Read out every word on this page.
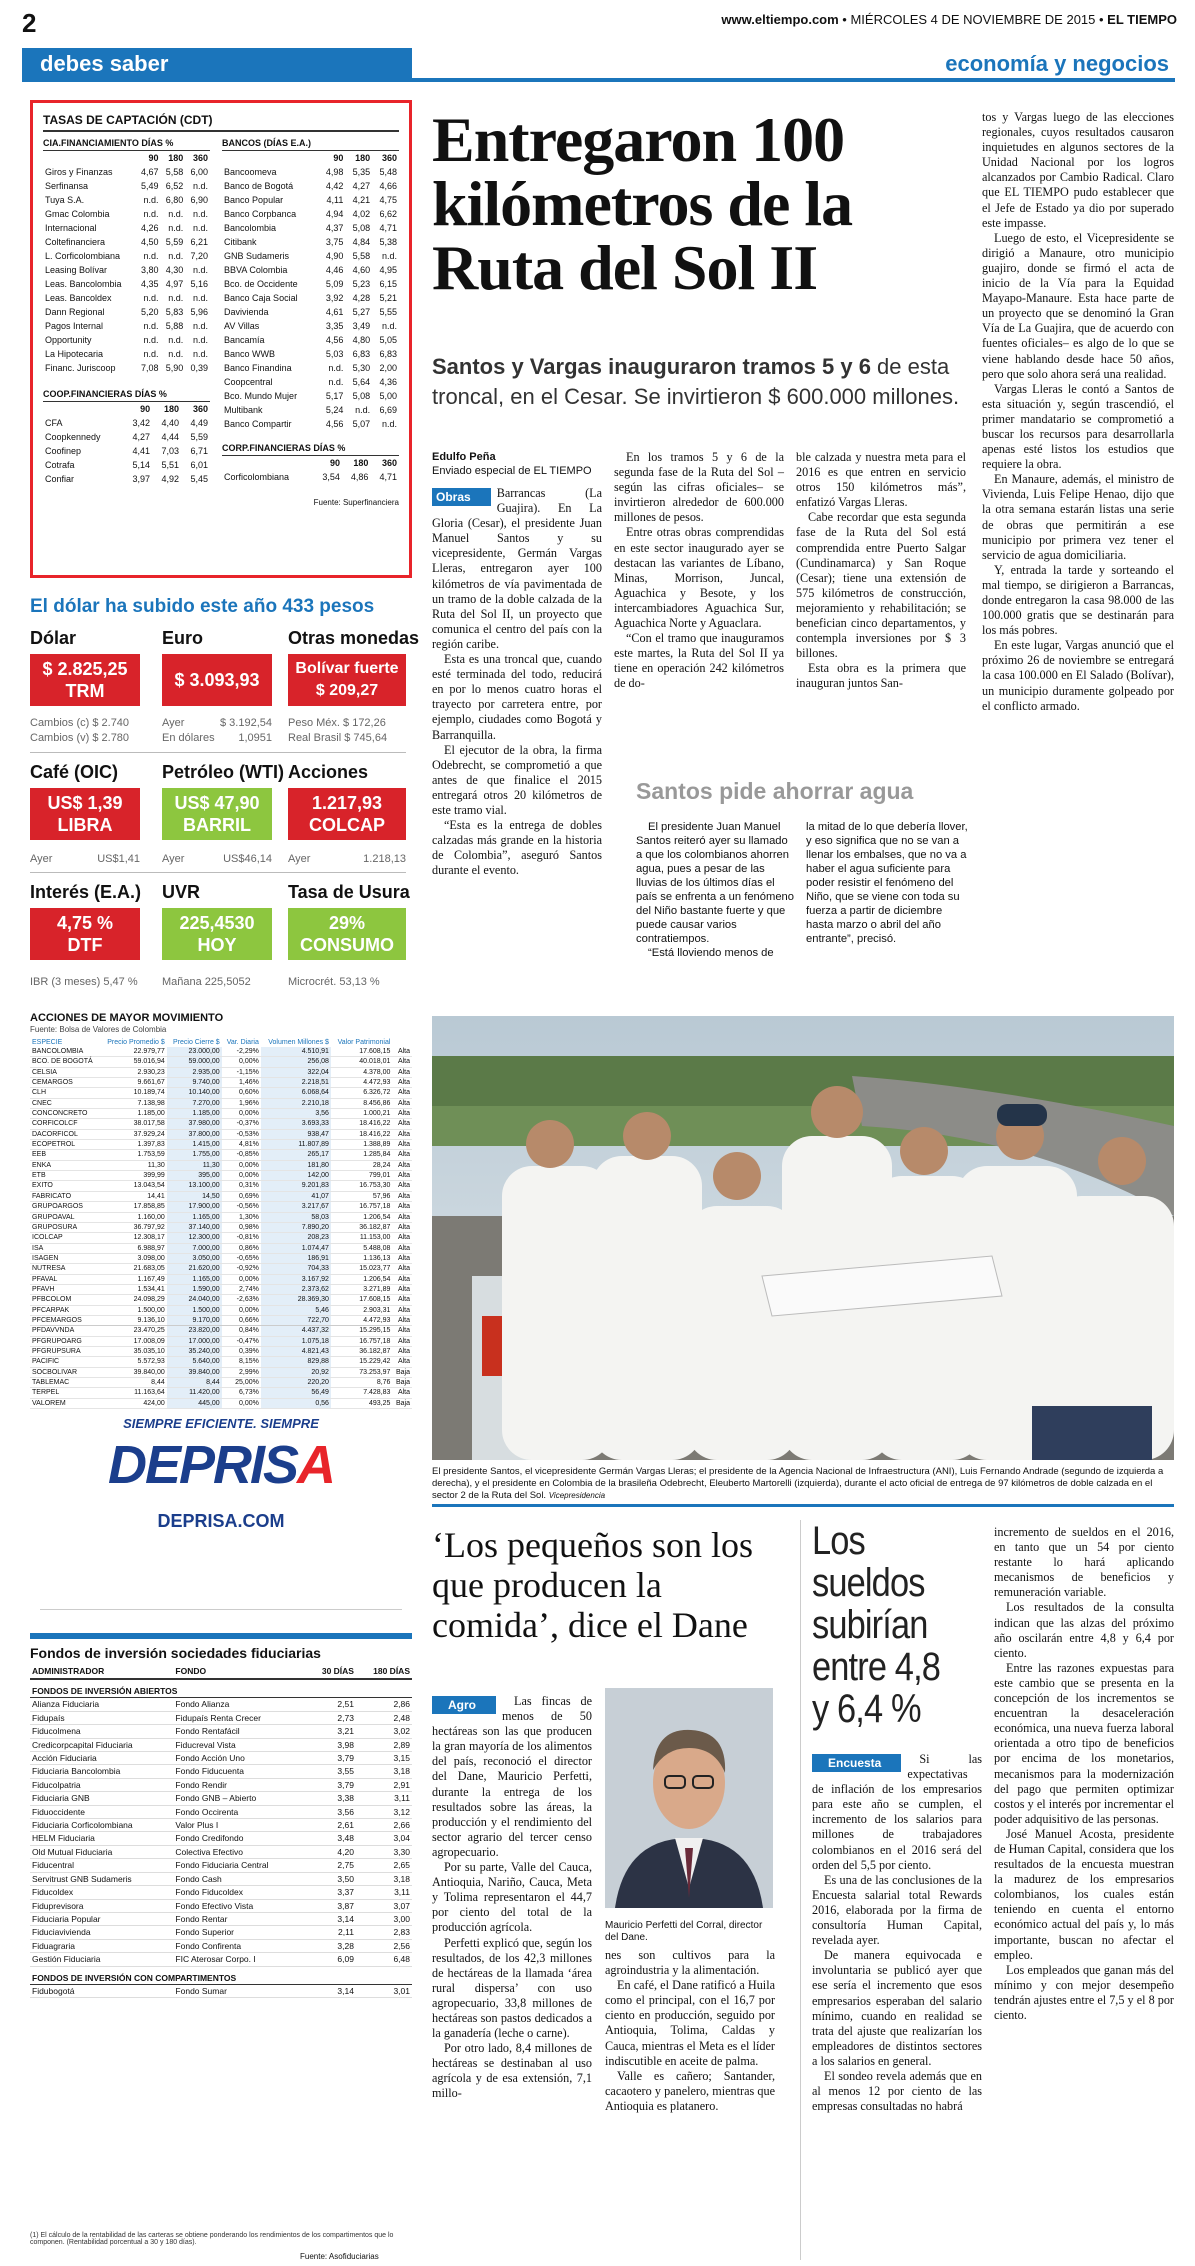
2	www.eltiempo.com • MIÉRCOLES 4 DE NOVIEMBRE DE 2015 • EL TIEMPO
debes saber	economía y negocios
TASAS DE CAPTACIÓN (CDT)
CIA.FINANCIAMIENTO DÍAS %
	90	180	360
Giros y Finanzas	4,67	5,58	6,00
Serfinansa	5,49	6,52	n.d.
Tuya S.A.	n.d.	6,80	6,90
Gmac Colombia	n.d.	n.d.	n.d.
Internacional	4,26	n.d.	n.d.
Coltefinanciera	4,50	5,59	6,21
L. Corficolombiana	n.d.	n.d.	7,20
Leasing Bolívar	3,80	4,30	n.d.
Leas. Bancolombia	4,35	4,97	5,16
Leas. Bancoldex	n.d.	n.d.	n.d.
Dann Regional	5,20	5,83	5,96
Pagos Internal	n.d.	5,88	n.d.
Opportunity	n.d.	n.d.	n.d.
La Hipotecaria	n.d.	n.d.	n.d.
Financ. Juriscoop	7,08	5,90	0,39
COOP.FINANCIERAS DÍAS %
	90	180	360
CFA	3,42	4,40	4,49
Coopkennedy	4,27	4,44	5,59
Coofinep	4,41	7,03	6,71
Cotrafa	5,14	5,51	6,01
Confiar	3,97	4,92	5,45
BANCOS (DÍAS E.A.)
	90	180	360
Bancoomeva	4,98	5,35	5,48
Banco de Bogotá	4,42	4,27	4,66
Banco Popular	4,11	4,21	4,75
Banco Corpbanca	4,94	4,02	6,62
Bancolombia	4,37	5,08	4,71
Citibank	3,75	4,84	5,38
GNB Sudameris	4,90	5,58	n.d.
BBVA Colombia	4,46	4,60	4,95
Bco. de Occidente	5,09	5,23	6,15
Banco Caja Social	3,92	4,28	5,21
Davivienda	4,61	5,27	5,55
AV Villas	3,35	3,49	n.d.
Bancamía	4,56	4,80	5,05
Banco WWB	5,03	6,83	6,83
Banco Finandina	n.d.	5,30	2,00
Coopcentral	n.d.	5,64	4,36
Bco. Mundo Mujer	5,17	5,08	5,00
Multibank	5,24	n.d.	6,69
Banco Compartir	4,56	5,07	n.d.
CORP.FINANCIERAS DÍAS %
	90	180	360
Corficolombiana	3,54	4,86	4,71
Fuente: Superfinanciera
El dólar ha subido este año 433 pesos
Dólar
$ 2.825,25
TRM
Cambios (c) $ 2.740
Cambios (v) $ 2.780
Euro
$ 3.093,93
Ayer	$ 3.192,54
En dólares 1,0951
Otras monedas
Bolívar fuerte
$ 209,27
Peso Méx. $ 172,26
Real Brasil $ 745,64
Café (OIC)
US$ 1,39
LIBRA
Ayer	US$1,41
Petróleo (WTI)
US$ 47,90
BARRIL
Ayer	US$46,14
Acciones
1.217,93
COLCAP
Ayer	1.218,13
Interés (E.A.)
4,75 %
DTF
IBR (3 meses) 5,47 %
UVR
225,4530
HOY
Mañana 225,5052
Tasa de Usura
29%
CONSUMO
Microcrét. 53,13 %
ACCIONES DE MAYOR MOVIMIENTO
Fuente: Bolsa de Valores de Colombia
ESPECIE	Precio Promedio $	Precio Cierre $	Var. Diaria	Volumen Millones $	Valor Patrimonial	
BANCOLOMBIA	22.979,77	23.000,00	-2,29%	4.510,91	17.608,15	Alta
BCO. DE BOGOTÁ	59.016,94	59.000,00	0,00%	256,08	40.018,01	Alta
CELSIA	2.930,23	2.935,00	-1,15%	322,04	4.378,00	Alta
CEMARGOS	9.661,67	9.740,00	1,46%	2.218,51	4.472,93	Alta
CLH	10.189,74	10.140,00	0,60%	6.068,64	6.326,72	Alta
CNEC	7.138,98	7.270,00	1,96%	2.210,18	8.456,86	Alta
CONCONCRETO	1.185,00	1.185,00	0,00%	3,56	1.000,21	Alta
CORFICOLCF	38.017,58	37.980,00	-0,37%	3.693,33	18.416,22	Alta
DACORFICOL	37.929,24	37.800,00	-0,53%	938,47	18.416,22	Alta
ECOPETROL	1.397,83	1.415,00	4,81%	11.807,89	1.388,89	Alta
EEB	1.753,59	1.755,00	-0,85%	265,17	1.285,84	Alta
ENKA	11,30	11,30	0,00%	181,80	28,24	Alta
ETB	399,99	395,00	0,00%	142,00	799,01	Alta
EXITO	13.043,54	13.100,00	0,31%	9.201,83	16.753,30	Alta
FABRICATO	14,41	14,50	0,69%	41,07	57,96	Alta
GRUPOARGOS	17.858,85	17.900,00	-0,56%	3.217,67	16.757,18	Alta
GRUPOAVAL	1.160,00	1.165,00	1,30%	58,03	1.206,54	Alta
GRUPOSURA	36.797,92	37.140,00	0,98%	7.890,20	36.182,87	Alta
ICOLCAP	12.308,17	12.300,00	-0,81%	208,23	11.153,00	Alta
ISA	6.988,97	7.000,00	0,86%	1.074,47	5.488,08	Alta
ISAGEN	3.098,00	3.050,00	-0,65%	186,91	1.136,13	Alta
NUTRESA	21.683,05	21.620,00	-0,92%	704,33	15.023,77	Alta
PFAVAL	1.167,49	1.165,00	0,00%	3.167,92	1.206,54	Alta
PFAVH	1.534,41	1.590,00	2,74%	2.373,62	3.271,89	Alta
PFBCOLOM	24.098,29	24.040,00	-2,63%	28.369,30	17.608,15	Alta
PFCARPAK	1.500,00	1.500,00	0,00%	5,46	2.903,31	Alta
PFCEMARGOS	9.136,10	9.170,00	0,66%	722,70	4.472,93	Alta
PFDAVVNDA	23.470,25	23.820,00	0,84%	4.437,32	15.295,15	Alta
PFGRUPOARG	17.008,09	17.000,00	-0,47%	1.075,18	16.757,18	Alta
PFGRUPSURA	35.035,10	35.240,00	0,39%	4.821,43	36.182,87	Alta
PACIFIC	5.572,93	5.640,00	8,15%	829,88	15.229,42	Alta
SOCBOLIVAR	39.840,00	39.840,00	2,99%	20,92	73.253,97	Baja
TABLEMAC	8,44	8,44	25,00%	220,20	8,76	Baja
TERPEL	11.163,64	11.420,00	6,73%	56,49	7.428,83	Alta
VALOREM	424,00	445,00	0,00%	0,56	493,25	Baja
SIEMPRE EFICIENTE. SIEMPRE
DEPRISA
DEPRISA.COM
Fondos de inversión sociedades fiduciarias
ADMINISTRADOR	FONDO	30 DÍAS	180 DÍAS
FONDOS DE INVERSIÓN ABIERTOS			
Alianza Fiduciaria	Fondo Alianza	2,51	2,86
Fidupaís	Fidupaís Renta Crecer	2,73	2,48
Fiducolmena	Fondo Rentafácil	3,21	3,02
Credicorpcapital Fiduciaria	Fiducreval Vista	3,98	2,89
Acción Fiduciaria	Fondo Acción Uno	3,79	3,15
Fiduciaria Bancolombia	Fondo Fiducuenta	3,55	3,18
Fiducolpatria	Fondo Rendir	3,79	2,91
Fiduciaria GNB	Fondo GNB – Abierto	3,38	3,11
Fiduoccidente	Fondo Occirenta	3,56	3,12
Fiduciaria Corficolombiana	Valor Plus I	2,61	2,66
HELM Fiduciaria	Fondo Credifondo	3,48	3,04
Old Mutual Fiduciaria	Colectiva Efectivo	4,20	3,30
Fiducentral	Fondo Fiduciaria Central	2,75	2,65
Servitrust GNB Sudameris	Fondo Cash	3,50	3,18
Fiducoldex	Fondo Fiducoldex	3,37	3,11
Fiduprevisora	Fondo Efectivo Vista	3,87	3,07
Fiduciaria Popular	Fondo Rentar	3,14	3,00
Fiduciavivienda	Fondo Superior	2,11	2,83
Fiduagraria	Fondo Confirenta	3,28	2,56
Gestión Fiduciaria	FIC Aterosar Corpo. I	6,09	6,48
FONDOS DE INVERSIÓN CON COMPARTIMENTOS			
Fidubogotá	Fondo Sumar	3,14	3,01
(1) El cálculo de la rentabilidad de las carteras se obtiene ponderando los rendimientos de los compartimentos que lo componen. (Rentabilidad porcentual a 30 y 180 días).
Fuente: Asofiduciarias
Entregaron 100 kilómetros de la Ruta del Sol II
Santos y Vargas inauguraron tramos 5 y 6 de esta troncal, en el Cesar. Se invirtieron $ 600.000 millones.
Edulfo Peña
Enviado especial de EL TIEMPO

Obras	Barrancas (La Guajira). En La Gloria (Cesar), el presidente Juan Manuel Santos y su vicepresidente, Germán Vargas Lleras, entregaron ayer 100 kilómetros de vía pavimentada de un tramo de la doble calzada de la Ruta del Sol II, un proyecto que comunica el centro del país con la región caribe.

Esta es una troncal que, cuando esté terminada del todo, reducirá en por lo menos cuatro horas el trayecto por carretera entre, por ejemplo, ciudades como Bogotá y Barranquilla.

El ejecutor de la obra, la firma Odebrecht, se comprometió a que antes de que finalice el 2015 entregará otros 20 kilómetros de este tramo vial.

“Esta es la entrega de dobles calzadas más grande en la historia de Colombia”, aseguró Santos durante el evento.

En los tramos 5 y 6 de la segunda fase de la Ruta del Sol –según las cifras oficiales– se invirtieron alrededor de 600.000 millones de pesos.

Entre otras obras comprendidas en este sector inaugurado ayer se destacan las variantes de Líbano, Minas, Morrison, Juncal, Aguachica y Besote, y los intercambiadores Aguachica Sur, Aguachica Norte y Aguaclara.

“Con el tramo que inauguramos este martes, la Ruta del Sol II ya tiene en operación 242 kilómetros de do-

ble calzada y nuestra meta para el 2016 es que entren en servicio otros 150 kilómetros más”, enfatizó Vargas Lleras.

Cabe recordar que esta segunda fase de la Ruta del Sol está comprendida entre Puerto Salgar (Cundinamarca) y San Roque (Cesar); tiene una extensión de 575 kilómetros de construcción, mejoramiento y rehabilitación; se benefician cinco departamentos, y contempla inversiones por $ 3 billones.

Esta obra es la primera que inauguran juntos San-

tos y Vargas luego de las elecciones regionales, cuyos resultados causaron inquietudes en algunos sectores de la Unidad Nacional por los logros alcanzados por Cambio Radical. Claro que EL TIEMPO pudo establecer que el Jefe de Estado ya dio por superado este impasse.

Luego de esto, el Vicepresidente se dirigió a Manaure, otro municipio guajiro, donde se firmó el acta de inicio de la Vía para la Equidad Mayapo-Manaure. Esta hace parte de un proyecto que se denominó la Gran Vía de La Guajira, que de acuerdo con fuentes oficiales– es algo de lo que se viene hablando desde hace 50 años, pero que solo ahora será una realidad.

Vargas Lleras le contó a Santos de esta situación y, según trascendió, el primer mandatario se comprometió a buscar los recursos para desarrollarla apenas esté listos los estudios que requiere la obra.

En Manaure, además, el ministro de Vivienda, Luis Felipe Henao, dijo que la otra semana estarán listas una serie de obras que permitirán a ese municipio por primera vez tener el servicio de agua domiciliaria.

Y, entrada la tarde y sorteando el mal tiempo, se dirigieron a Barrancas, donde entregaron la casa 98.000 de las 100.000 gratis que se destinarán para los más pobres.

En este lugar, Vargas anunció que el próximo 26 de noviembre se entregará la casa 100.000 en El Salado (Bolívar), un municipio duramente golpeado por el conflicto armado.

Santos pide ahorrar agua

El presidente Juan Manuel Santos reiteró ayer su llamado a que los colombianos ahorren agua, pues a pesar de las lluvias de los últimos días el país se enfrenta a un fenómeno del Niño bastante fuerte y que puede causar varios contratiempos.

“Está lloviendo menos de

la mitad de lo que debería llover, y eso significa que no se van a llenar los embalses, que no va a haber el agua suficiente para poder resistir el fenómeno del Niño, que se viene con toda su fuerza a partir de diciembre hasta marzo o abril del año entrante”, precisó.

El presidente Santos, el vicepresidente Germán Vargas Lleras; el presidente de la Agencia Nacional de Infraestructura (ANI), Luis Fernando Andrade (segundo de izquierda a derecha), y el presidente en Colombia de la brasileña Odebrecht, Eleuberto Martorelli (izquierda), durante el acto oficial de entrega de 97 kilómetros de doble calzada en el sector 2 de la Ruta del Sol. Vicepresidencia
‘Los pequeños son los que producen la comida’, dice el Dane

Agro	Las fincas de menos de 50 hectáreas son las que producen la gran mayoría de los alimentos del país, reconoció el director del Dane, Mauricio Perfetti, durante la entrega de los resultados sobre las áreas, la producción y el rendimiento del sector agrario del tercer censo agropecuario.

Por su parte, Valle del Cauca, Antioquia, Nariño, Cauca, Meta y Tolima representaron el 44,7 por ciento del total de la producción agrícola.

Perfetti explicó que, según los resultados, de los 42,3 millones de hectáreas de la llamada ‘área rural dispersa’ con uso agropecuario, 33,8 millones de hectáreas son pastos dedicados a la ganadería (leche o carne).

Por otro lado, 8,4 millones de hectáreas se destinaban al uso agrícola y de esa extensión, 7,1 millo-

Mauricio Perfetti del Corral, director del Dane.

nes son cultivos para la agroindustria y la alimentación.

En café, el Dane ratificó a Huila como el principal, con el 16,7 por ciento en producción, seguido por Antioquia, Tolima, Caldas y Cauca, mientras el Meta es el líder indiscutible en aceite de palma.

Valle es cañero; Santander, cacaotero y panelero, mientras que Antioquia es platanero.

Los sueldos subirían entre 4,8 y 6,4 %

Encuesta	Si las expectativas de inflación de los empresarios para este año se cumplen, el incremento de los salarios para millones de trabajadores colombianos en el 2016 será del orden del 5,5 por ciento.

Es una de las conclusiones de la Encuesta salarial total Rewards 2016, elaborada por la firma de consultoría Human Capital, revelada ayer.

De manera equivocada e involuntaria se publicó ayer que ese sería el incremento que esos empresarios esperaban del salario mínimo, cuando en realidad se trata del ajuste que realizarían los empleadores de distintos sectores a los salarios en general.

El sondeo revela además que en al menos 12 por ciento de las empresas consultadas no habrá

incremento de sueldos en el 2016, en tanto que un 54 por ciento restante lo hará aplicando mecanismos de beneficios y remuneración variable.

Los resultados de la consulta indican que las alzas del próximo año oscilarán entre 4,8 y 6,4 por ciento.

Entre las razones expuestas para este cambio que se presenta en la concepción de los incrementos se encuentran la desaceleración económica, una nueva fuerza laboral orientada a otro tipo de beneficios por encima de los monetarios, mecanismos para la modernización del pago que permiten optimizar costos y el interés por incrementar el poder adquisitivo de las personas.

José Manuel Acosta, presidente de Human Capital, considera que los resultados de la encuesta muestran la madurez de los empresarios colombianos, los cuales están teniendo en cuenta el entorno económico actual del país y, lo más importante, buscan no afectar el empleo.

Los empleados que ganan más del mínimo y con mejor desempeño tendrán ajustes entre el 7,5 y el 8 por ciento.
